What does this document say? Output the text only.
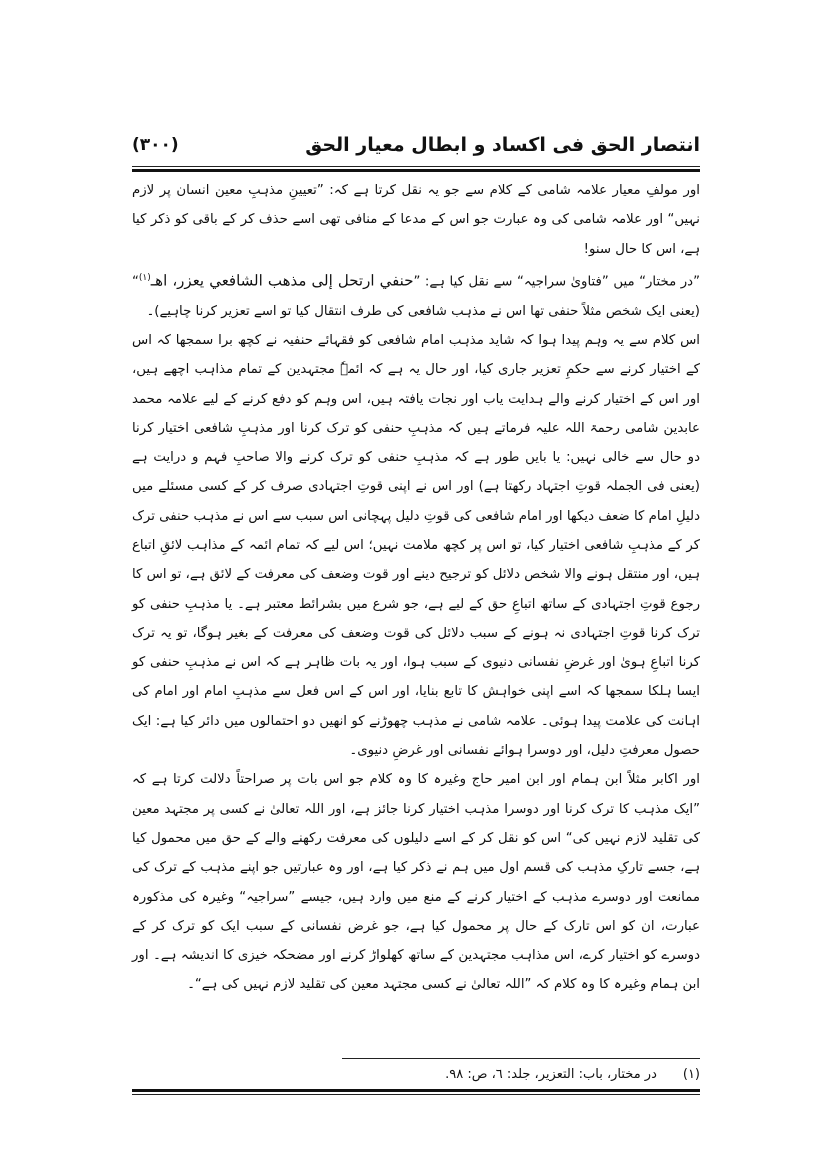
انتصار الحق فی اکساد و ابطال معیار الحق
(۳۰۰)

اور مولفِ معیار علامہ شامی کے کلام سے جو یہ نقل کرتا ہے کہ: ”تعیینِ مذہبِ معین انسان پر لازم نہیں“ اور علامہ شامی کی وہ عبارت جو اس کے مدعا کے منافی تھی اسے حذف کر کے باقی کو ذکر کیا ہے، اس کا حال سنو!

”در مختار“ میں ”فتاویٰ سراجیہ“ سے نقل کیا ہے: ”حنفي ارتحل إلى مذهب الشافعي يعزر، اهـ$^{(۱)}$“ (یعنی ایک شخص مثلاً حنفی تھا اس نے مذہب شافعی کی طرف انتقال کیا تو اسے تعزیر کرنا چاہیے)۔

اس کلام سے یہ وہم پیدا ہوا کہ شاید مذہب امام شافعی کو فقہائے حنفیہ نے کچھ برا سمجھا کہ اس کے اختیار کرنے سے حکمِ تعزیر جاری کیا، اور حال یہ ہے کہ ائمہٗ مجتہدین کے تمام مذاہب اچھے ہیں، اور اس کے اختیار کرنے والے ہدایت یاب اور نجات یافتہ ہیں، اس وہم کو دفع کرنے کے لیے علامہ محمد عابدین شامی رحمۃ اللہ علیہ فرماتے ہیں کہ مذہبِ حنفی کو ترک کرنا اور مذہبِ شافعی اختیار کرنا دو حال سے خالی نہیں: یا بایں طور ہے کہ مذہبِ حنفی کو ترک کرنے والا صاحبِ فہم و درایت ہے (یعنی فی الجملہ قوتِ اجتہاد رکھتا ہے) اور اس نے اپنی قوتِ اجتہادی صرف کر کے کسی مسئلے میں دلیلِ امام کا ضعف دیکھا اور امام شافعی کی قوتِ دلیل پہچانی اس سبب سے اس نے مذہب حنفی ترک کر کے مذہبِ شافعی اختیار کیا، تو اس پر کچھ ملامت نہیں؛ اس لیے کہ تمام ائمہ کے مذاہب لائقِ اتباع ہیں، اور منتقل ہونے والا شخص دلائل کو ترجیح دینے اور قوت وضعف کی معرفت کے لائق ہے، تو اس کا رجوع قوتِ اجتہادی کے ساتھ اتباعِ حق کے لیے ہے، جو شرع میں بشرائط معتبر ہے۔ یا مذہبِ حنفی کو ترک کرنا قوتِ اجتہادی نہ ہونے کے سبب دلائل کی قوت وضعف کی معرفت کے بغیر ہوگا، تو یہ ترک کرنا اتباعِ ہویٰ اور غرضِ نفسانی دنیوی کے سبب ہوا، اور یہ بات ظاہر ہے کہ اس نے مذہبِ حنفی کو ایسا ہلکا سمجھا کہ اسے اپنی خواہش کا تابع بنایا، اور اس کے اس فعل سے مذہبِ امام اور امام کی اہانت کی علامت پیدا ہوئی۔ علامہ شامی نے مذہب چھوڑنے کو انھیں دو احتمالوں میں دائر کیا ہے: ایک حصول معرفتِ دلیل، اور دوسرا ہوائے نفسانی اور غرضِ دنیوی۔

اور اکابر مثلاً ابن ہمام اور ابن امیر حاج وغیرہ کا وہ کلام جو اس بات پر صراحتاً دلالت کرتا ہے کہ ”ایک مذہب کا ترک کرنا اور دوسرا مذہب اختیار کرنا جائز ہے، اور اللہ تعالیٰ نے کسی پر مجتہد معین کی تقلید لازم نہیں کی“ اس کو نقل کر کے اسے دلیلوں کی معرفت رکھنے والے کے حق میں محمول کیا ہے، جسے تارکِ مذہب کی قسم اول میں ہم نے ذکر کیا ہے، اور وہ عبارتیں جو اپنے مذہب کے ترک کی ممانعت اور دوسرے مذہب کے اختیار کرنے کے منع میں وارد ہیں، جیسے ”سراجیہ“ وغیرہ کی مذکورہ عبارت، ان کو اس تارک کے حال پر محمول کیا ہے، جو غرض نفسانی کے سبب ایک کو ترک کر کے دوسرے کو اختیار کرے، اس مذاہب مجتہدین کے ساتھ کھلواڑ کرنے اور مضحکہ خیزی کا اندیشہ ہے۔ اور ابن ہمام وغیرہ کا وہ کلام کہ ”اللہ تعالیٰ نے کسی مجتہد معین کی تقلید لازم نہیں کی ہے“۔

(۱)در مختار، باب: التعزیر، جلد: ٦، ص: ٩٨.
